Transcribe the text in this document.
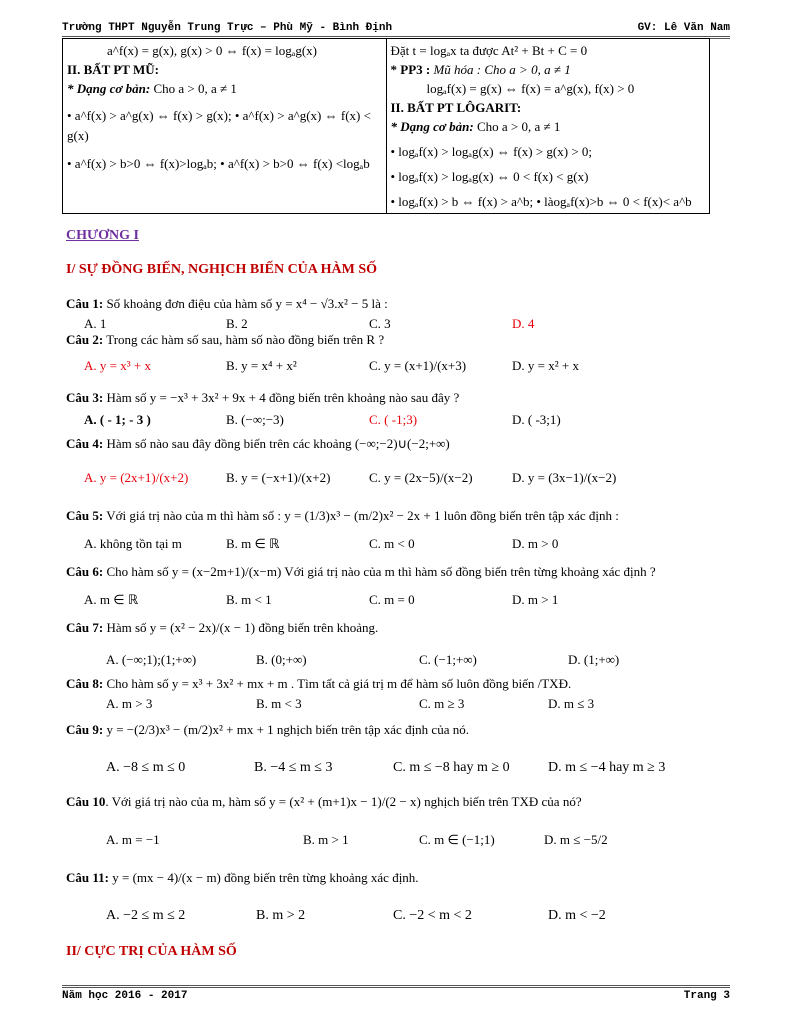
Trường THPT Nguyễn Trung Trực – Phù Mỹ - Bình Định	GV: Lê Văn Nam
a^f(x) = g(x), g(x) > 0 ⇔ f(x) = logₐg(x)
II. BẤT PT MŨ:
* Dạng cơ bản: Cho a > 0, a ≠ 1
• a^f(x) > a^g(x) ⇔ f(x) > g(x); • a^f(x) > a^g(x) ⇔ f(x) < g(x)
• a^f(x) > b>0 ⇔ f(x)>logₐb; • a^f(x) > b>0 ⇔ f(x) <logₐb

Đặt t = logₐx ta được At² + Bt + C = 0
* PP3 : Mũ hóa : Cho a > 0, a ≠ 1
logₐf(x) = g(x) ⇔ f(x) = a^g(x), f(x) > 0
II. BẤT PT LÔGARIT:
* Dạng cơ bản: Cho a > 0, a ≠ 1
• logₐf(x) > logₐg(x) ⇔ f(x) > g(x) > 0;
• logₐf(x) > logₐg(x) ⇔ 0 < f(x) < g(x)
• logₐf(x) > b ⇔ f(x) > a^b; • làogₐf(x)>b ⇔ 0 < f(x)< a^b
CHƯƠNG I
I/ SỰ ĐỒNG BIẾN, NGHỊCH BIẾN CỦA HÀM SỐ
Câu 1: Số khoảng đơn điệu của hàm số y = x⁴ − √3.x² − 5 là :
A. 1	B. 2	C. 3	D. 4
Câu 2: Trong các hàm số sau, hàm số nào đồng biến trên R ?
A. y = x³ + x	B. y = x⁴ + x²	C. y = (x+1)/(x+3)	D. y = x² + x
Câu 3: Hàm số y = −x³ + 3x² + 9x + 4 đồng biến trên khoảng nào sau đây ?
A. ( - 1; - 3 )	B. (−∞;−3)	C. ( -1;3)	D. ( -3;1)
Câu 4: Hàm số nào sau đây đồng biến trên các khoảng (−∞;−2)∪(−2;+∞)
A. y = (2x+1)/(x+2)	B. y = (−x+1)/(x+2)	C. y = (2x−5)/(x−2)	D. y = (3x−1)/(x−2)
Câu 5: Với giá trị nào của m thì hàm số : y = (1/3)x³ − (m/2)x² − 2x + 1 luôn đồng biến trên tập xác định :
A. không tồn tại m	B. m ∈ ℝ	C. m < 0	D. m > 0
Câu 6: Cho hàm số y = (x−2m+1)/(x−m) Với giá trị nào của m thì hàm số đồng biến trên từng khoảng xác định ?
A. m ∈ ℝ	B. m < 1	C. m = 0	D. m > 1
Câu 7: Hàm số y = (x² − 2x)/(x − 1) đồng biến trên khoảng.
A. (−∞;1);(1;+∞)	B. (0;+∞)	C. (−1;+∞)	D. (1;+∞)
Câu 8: Cho hàm số y = x³ + 3x² + mx + m . Tìm tất cả giá trị m để hàm số luôn đồng biến /TXĐ.
A. m > 3	B. m < 3	C. m ≥ 3	D. m ≤ 3
Câu 9: y = −(2/3)x³ − (m/2)x² + mx + 1 nghịch biến trên tập xác định của nó.
A. −8 ≤ m ≤ 0	B. −4 ≤ m ≤ 3	C. m ≤ −8 hay m ≥ 0	D. m ≤ −4 hay m ≥ 3
Câu 10. Với giá trị nào của m, hàm số y = (x² + (m+1)x − 1)/(2 − x) nghịch biến trên TXĐ của nó?
A. m = −1	B. m > 1	C. m ∈ (−1;1)	D. m ≤ −5/2
Câu 11: y = (mx − 4)/(x − m) đồng biến trên từng khoảng xác định.
A. −2 ≤ m ≤ 2	B. m > 2	C. −2 < m < 2	D. m < −2
II/ CỰC TRỊ CỦA HÀM SỐ
Năm học 2016 - 2017	Trang 3
